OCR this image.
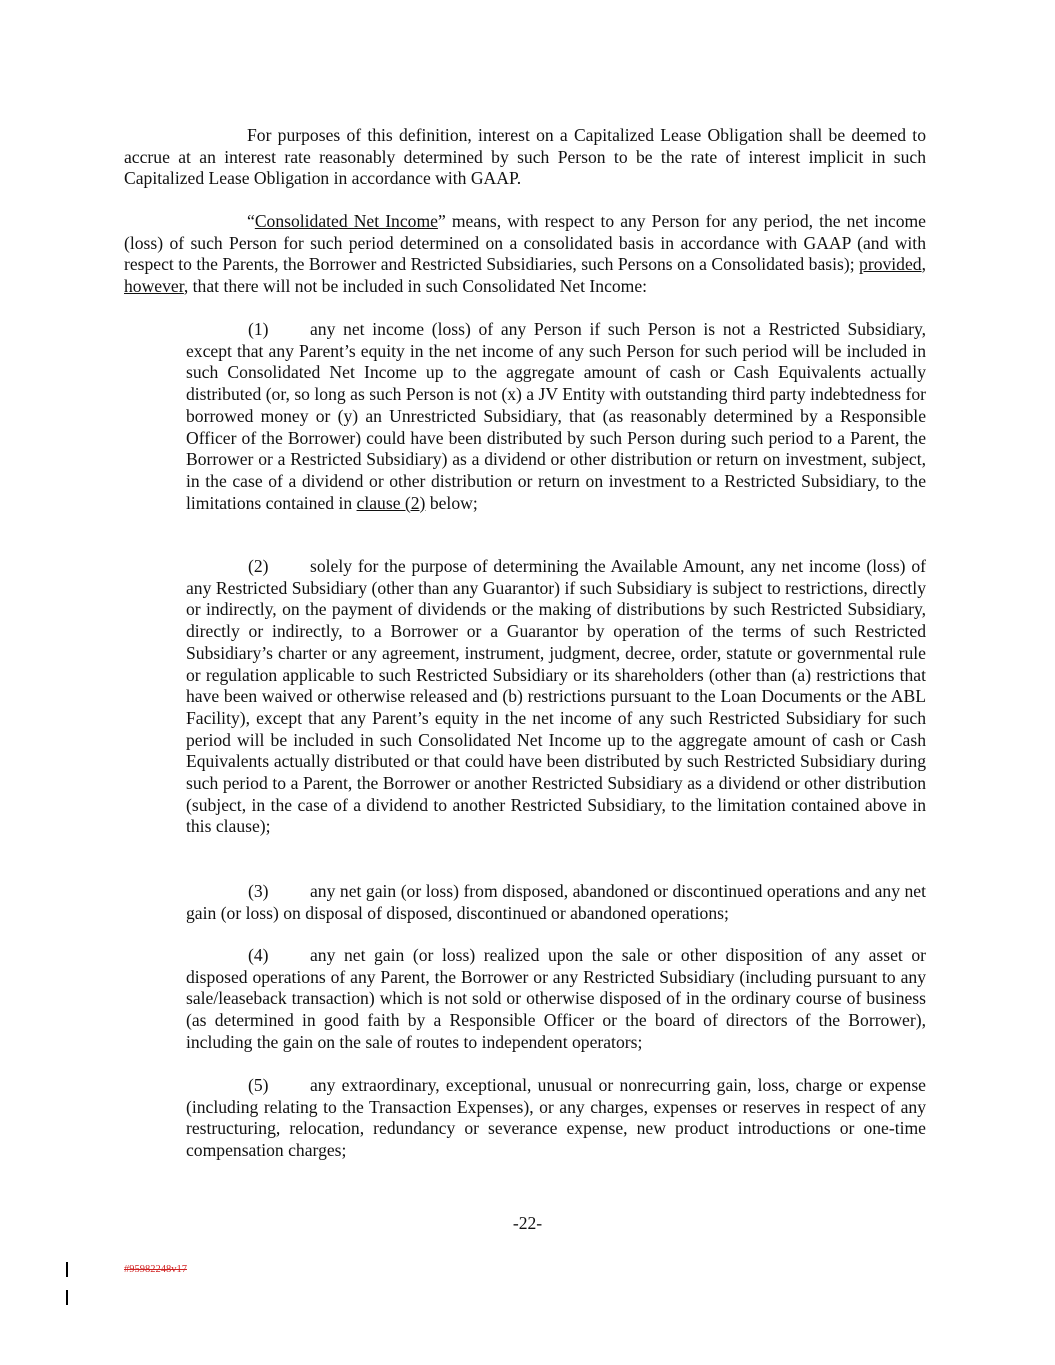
For purposes of this definition, interest on a Capitalized Lease Obligation shall be deemed to accrue at an interest rate reasonably determined by such Person to be the rate of interest implicit in such Capitalized Lease Obligation in accordance with GAAP.

“Consolidated Net Income” means, with respect to any Person for any period, the net income (loss) of such Person for such period determined on a consolidated basis in accordance with GAAP (and with respect to the Parents, the Borrower and Restricted Subsidiaries, such Persons on a Consolidated basis); provided, however, that there will not be included in such Consolidated Net Income:

(1) any net income (loss) of any Person if such Person is not a Restricted Subsidiary, except that any Parent’s equity in the net income of any such Person for such period will be included in such Consolidated Net Income up to the aggregate amount of cash or Cash Equivalents actually distributed (or, so long as such Person is not (x) a JV Entity with outstanding third party indebtedness for borrowed money or (y) an Unrestricted Subsidiary, that (as reasonably determined by a Responsible Officer of the Borrower) could have been distributed by such Person during such period to a Parent, the Borrower or a Restricted Subsidiary) as a dividend or other distribution or return on investment, subject, in the case of a dividend or other distribution or return on investment to a Restricted Subsidiary, to the limitations contained in clause (2) below;

(2) solely for the purpose of determining the Available Amount, any net income (loss) of any Restricted Subsidiary (other than any Guarantor) if such Subsidiary is subject to restrictions, directly or indirectly, on the payment of dividends or the making of distributions by such Restricted Subsidiary, directly or indirectly, to a Borrower or a Guarantor by operation of the terms of such Restricted Subsidiary’s charter or any agreement, instrument, judgment, decree, order, statute or governmental rule or regulation applicable to such Restricted Subsidiary or its shareholders (other than (a) restrictions that have been waived or otherwise released and (b) restrictions pursuant to the Loan Documents or the ABL Facility), except that any Parent’s equity in the net income of any such Restricted Subsidiary for such period will be included in such Consolidated Net Income up to the aggregate amount of cash or Cash Equivalents actually distributed or that could have been distributed by such Restricted Subsidiary during such period to a Parent, the Borrower or another Restricted Subsidiary as a dividend or other distribution (subject, in the case of a dividend to another Restricted Subsidiary, to the limitation contained above in this clause);

(3) any net gain (or loss) from disposed, abandoned or discontinued operations and any net gain (or loss) on disposal of disposed, discontinued or abandoned operations;

(4) any net gain (or loss) realized upon the sale or other disposition of any asset or disposed operations of any Parent, the Borrower or any Restricted Subsidiary (including pursuant to any sale/leaseback transaction) which is not sold or otherwise disposed of in the ordinary course of business (as determined in good faith by a Responsible Officer or the board of directors of the Borrower), including the gain on the sale of routes to independent operators;

(5) any extraordinary, exceptional, unusual or nonrecurring gain, loss, charge or expense (including relating to the Transaction Expenses), or any charges, expenses or reserves in respect of any restructuring, relocation, redundancy or severance expense, new product introductions or one-time compensation charges;

-22-
#95982248v17
